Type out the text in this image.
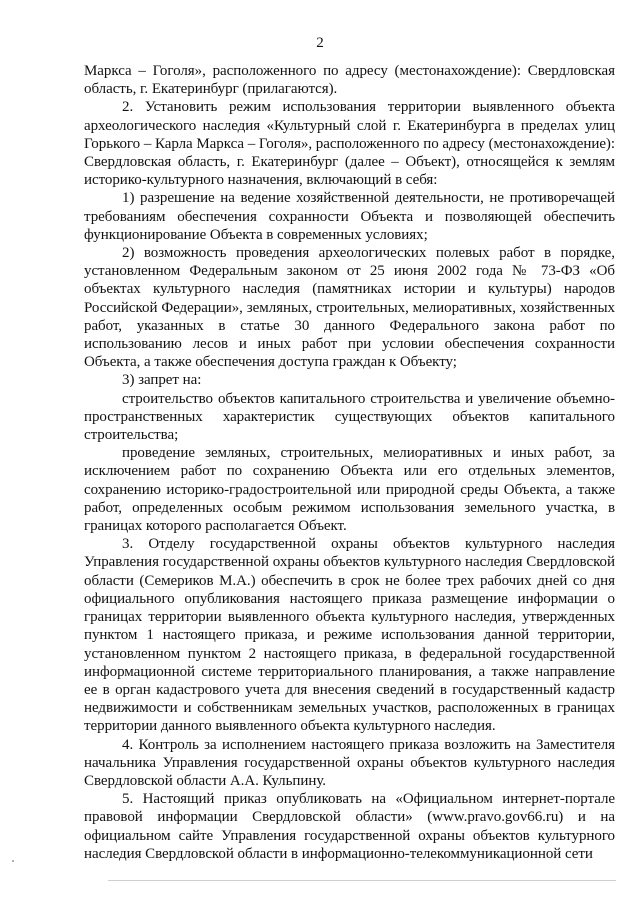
2

Маркса – Гоголя», расположенного по адресу (местонахождение): Свердловская область, г. Екатеринбург (прилагаются).

2. Установить режим использования территории выявленного объекта археологического наследия «Культурный слой г. Екатеринбурга в пределах улиц Горького – Карла Маркса – Гоголя», расположенного по адресу (местонахождение): Свердловская область, г. Екатеринбург (далее – Объект), относящейся к землям историко-культурного назначения, включающий в себя:

1) разрешение на ведение хозяйственной деятельности, не противоречащей требованиям обеспечения сохранности Объекта и позволяющей обеспечить функционирование Объекта в современных условиях;

2) возможность проведения археологических полевых работ в порядке, установленном Федеральным законом от 25 июня 2002 года № 73-ФЗ «Об объектах культурного наследия (памятниках истории и культуры) народов Российской Федерации», земляных, строительных, мелиоративных, хозяйственных работ, указанных в статье 30 данного Федерального закона работ по использованию лесов и иных работ при условии обеспечения сохранности Объекта, а также обеспечения доступа граждан к Объекту;

3) запрет на:

строительство объектов капитального строительства и увеличение объемно-пространственных характеристик существующих объектов капитального строительства;

проведение земляных, строительных, мелиоративных и иных работ, за исключением работ по сохранению Объекта или его отдельных элементов, сохранению историко-градостроительной или природной среды Объекта, а также работ, определенных особым режимом использования земельного участка, в границах которого располагается Объект.

3. Отделу государственной охраны объектов культурного наследия Управления государственной охраны объектов культурного наследия Свердловской области (Семериков М.А.) обеспечить в срок не более трех рабочих дней со дня официального опубликования настоящего приказа размещение информации о границах территории выявленного объекта культурного наследия, утвержденных пунктом 1 настоящего приказа, и режиме использования данной территории, установленном пунктом 2 настоящего приказа, в федеральной государственной информационной системе территориального планирования, а также направление ее в орган кадастрового учета для внесения сведений в государственный кадастр недвижимости и собственникам земельных участков, расположенных в границах территории данного выявленного объекта культурного наследия.

4. Контроль за исполнением настоящего приказа возложить на Заместителя начальника Управления государственной охраны объектов культурного наследия Свердловской области А.А. Кульпину.

5. Настоящий приказ опубликовать на «Официальном интернет-портале правовой информации Свердловской области» (www.pravo.gov66.ru) и на официальном сайте Управления государственной охраны объектов культурного наследия Свердловской области в информационно-телекоммуникационной сети
